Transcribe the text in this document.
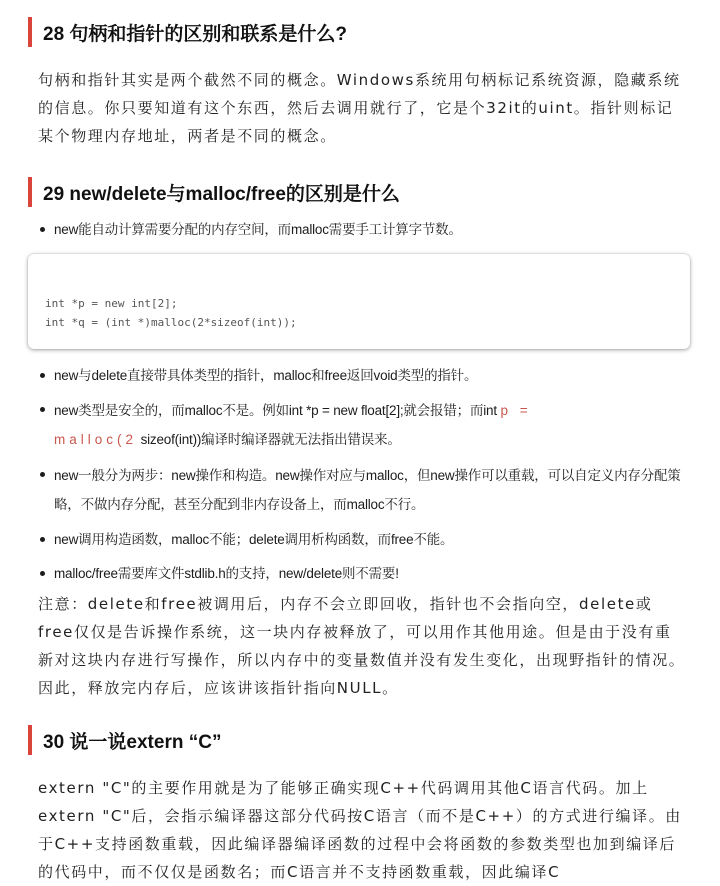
28 句柄和指针的区别和联系是什么?
句柄和指针其实是两个截然不同的概念。Windows系统用句柄标记系统资源，隐藏系统的信息。你只要知道有这个东西，然后去调用就行了，它是个32it的uint。指针则标记某个物理内存地址，两者是不同的概念。
29 new/delete与malloc/free的区别是什么
new能自动计算需要分配的内存空间，而malloc需要手工计算字节数。
int *p = new int[2];
int *q = (int *)malloc(2*sizeof(int));
new与delete直接带具体类型的指针，malloc和free返回void类型的指针。
new类型是安全的，而malloc不是。例如int *p = new float[2];就会报错；而int p =
malloc(2 sizeof(int))编译时编译器就无法指出错误来。
new一般分为两步：new操作和构造。new操作对应与malloc，但new操作可以重载，可以自定义内存分配策略，不做内存分配，甚至分配到非内存设备上，而malloc不行。
new调用构造函数，malloc不能；delete调用析构函数，而free不能。
malloc/free需要库文件stdlib.h的支持，new/delete则不需要!
注意：delete和free被调用后，内存不会立即回收，指针也不会指向空，delete或free仅仅是告诉操作系统，这一块内存被释放了，可以用作其他用途。但是由于没有重新对这块内存进行写操作，所以内存中的变量数值并没有发生变化，出现野指针的情况。因此，释放完内存后，应该讲该指针指向NULL。
30 说一说extern “C”
extern "C"的主要作用就是为了能够正确实现C++代码调用其他C语言代码。加上extern "C"后，会指示编译器这部分代码按C语言（而不是C++）的方式进行编译。由于C++支持函数重载，因此编译器编译函数的过程中会将函数的参数类型也加到编译后的代码中，而不仅仅是函数名；而C语言并不支持函数重载，因此编译C
